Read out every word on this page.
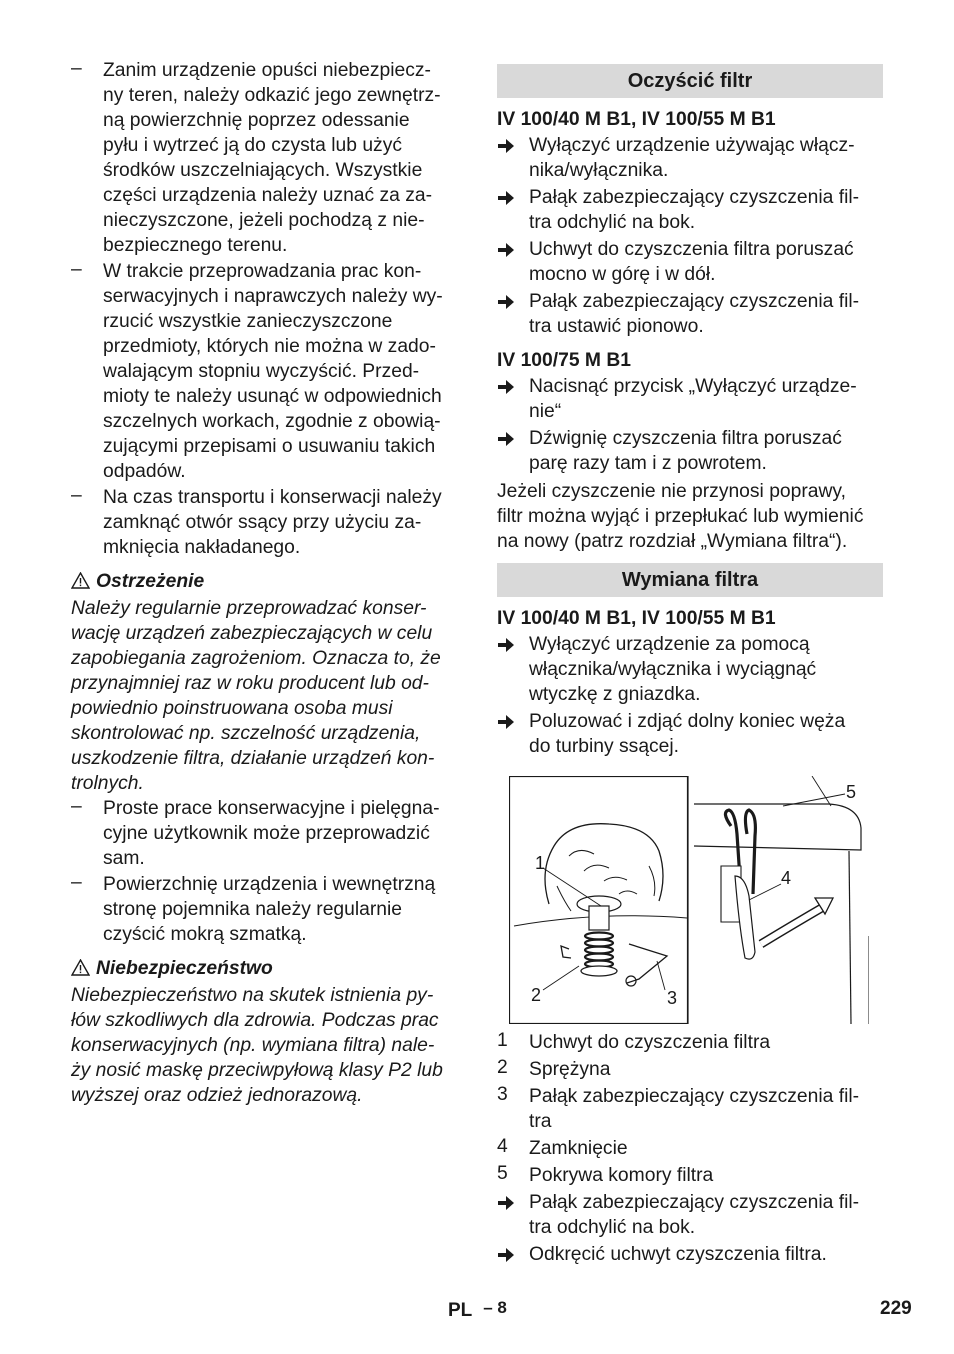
–	Zanim urządzenie opuści niebezpiecz-
ny teren, należy odkazić jego zewnętrz-
ną powierzchnię poprzez odessanie
pyłu i wytrzeć ją do czysta lub użyć
środków uszczelniających. Wszystkie
części urządzenia należy uznać za za-
nieczyszczone, jeżeli pochodzą z nie-
bezpiecznego terenu.
–	W trakcie przeprowadzania prac kon-
serwacyjnych i naprawczych należy wy-
rzucić wszystkie zanieczyszczone
przedmioty, których nie można w zado-
walającym stopniu wyczyścić. Przed-
mioty te należy usunąć w odpowiednich
szczelnych workach, zgodnie z obowią-
zującymi przepisami o usuwaniu takich
odpadów.
–	Na czas transportu i konserwacji należy
zamknąć otwór ssący przy użyciu za-
mknięcia nakładanego.
Ostrzeżenie
Należy regularnie przeprowadzać konser-
wację urządzeń zabezpieczających w celu
zapobiegania zagrożeniom. Oznacza to, że
przynajmniej raz w roku producent lub od-
powiednio poinstruowana osoba musi
skontrolować np. szczelność urządzenia,
uszkodzenie filtra, działanie urządzeń kon-
trolnych.
–	Proste prace konserwacyjne i pielęgna-
cyjne użytkownik może przeprowadzić
sam.
–	Powierzchnię urządzenia i wewnętrzną
stronę pojemnika należy regularnie
czyścić mokrą szmatką.
Niebezpieczeństwo
Niebezpieczeństwo na skutek istnienia py-
łów szkodliwych dla zdrowia. Podczas prac
konserwacyjnych (np. wymiana filtra) nale-
ży nosić maskę przeciwpyłową klasy P2 lub
wyższej oraz odzież jednorazową.
Oczyścić filtr
IV 100/40 M B1, IV 100/55 M B1
Wyłączyć urządzenie używając włącz-
nika/wyłącznika.
Pałąk zabezpieczający czyszczenia fil-
tra odchylić na bok.
Uchwyt do czyszczenia filtra poruszać
mocno w górę i w dół.
Pałąk zabezpieczający czyszczenia fil-
tra ustawić pionowo.
IV 100/75 M B1
Nacisnąć przycisk „Wyłączyć urządze-
nie“
Dźwignię czyszczenia filtra poruszać
parę razy tam i z powrotem.
Jeżeli czyszczenie nie przynosi poprawy,
filtr można wyjąć i przepłukać lub wymienić
na nowy (patrz rozdział „Wymiana filtra“).
Wymiana filtra
IV 100/40 M B1, IV 100/55 M B1
Wyłączyć urządzenie za pomocą
włącznika/wyłącznika i wyciągnąć
wtyczkę z gniazdka.
Poluzować i zdjąć dolny koniec węża
do turbiny ssącej.
1
2	3
4
5
1 Uchwyt do czyszczenia filtra
2 Sprężyna
3 Pałąk zabezpieczający czyszczenia fil-
tra
4 Zamknięcie
5 Pokrywa komory filtra
Pałąk zabezpieczający czyszczenia fil-
tra odchylić na bok.
Odkręcić uchwyt czyszczenia filtra.
PL – 8	229
